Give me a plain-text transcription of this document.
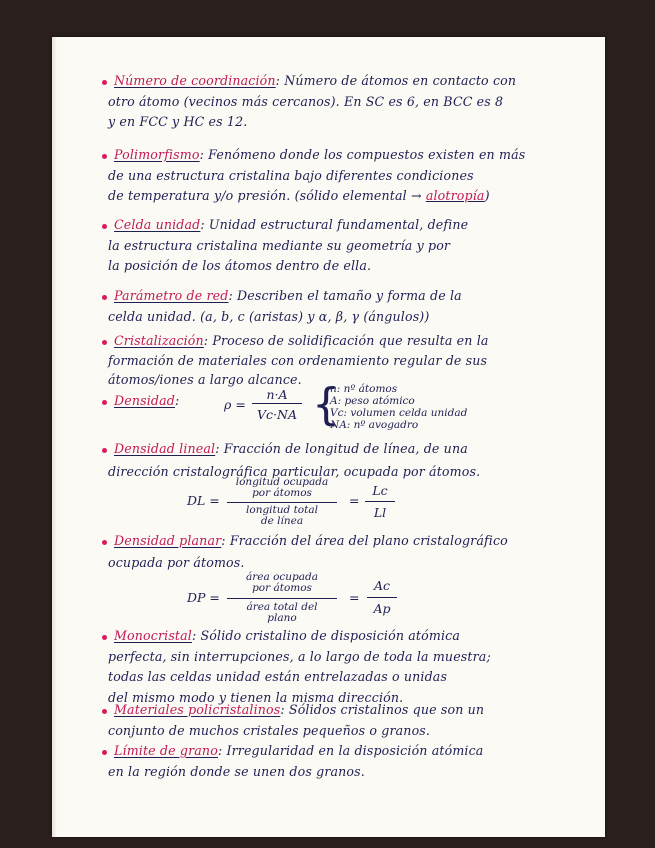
Número de coordinación: Número de átomos en contacto con
otro átomo (vecinos más cercanos). En SC es 6, en BCC es 8
y en FCC y HC es 12.
Polimorfismo: Fenómeno donde los compuestos existen en más
de una estructura cristalina bajo diferentes condiciones
de temperatura y/o presión. (sólido elemental → alotropía)
Celda unidad: Unidad estructural fundamental, define
la estructura cristalina mediante su geometría y por
la posición de los átomos dentro de ella.
Parámetro de red: Describen el tamaño y forma de la
celda unidad. (a, b, c (aristas) y α, β, γ (ángulos))
Cristalización: Proceso de solidificación que resulta en la
formación de materiales con ordenamiento regular de sus
átomos/iones a largo alcance.
Densidad:	ρ =
n·A
Vc·NA {
n: nº átomos
A: peso atómico
Vc: volumen celda unidad
NA: nº avogadro
Densidad lineal: Fracción de longitud de línea, de una
dirección cristalográfica particular, ocupada por átomos.
DL =
longitud ocupada
por átomos
longitud total
de línea
=
Lc
Ll
Densidad planar: Fracción del área del plano cristalográfico
ocupada por átomos.
DP =
área ocupada
por átomos
área total del
plano
=
Ac
Ap
Monocristal: Sólido cristalino de disposición atómica
perfecta, sin interrupciones, a lo largo de toda la muestra;
todas las celdas unidad están entrelazadas o unidas
del mismo modo y tienen la misma dirección.
Materiales policristalinos: Sólidos cristalinos que son un
conjunto de muchos cristales pequeños o granos.
Límite de grano: Irregularidad en la disposición atómica
en la región donde se unen dos granos.
